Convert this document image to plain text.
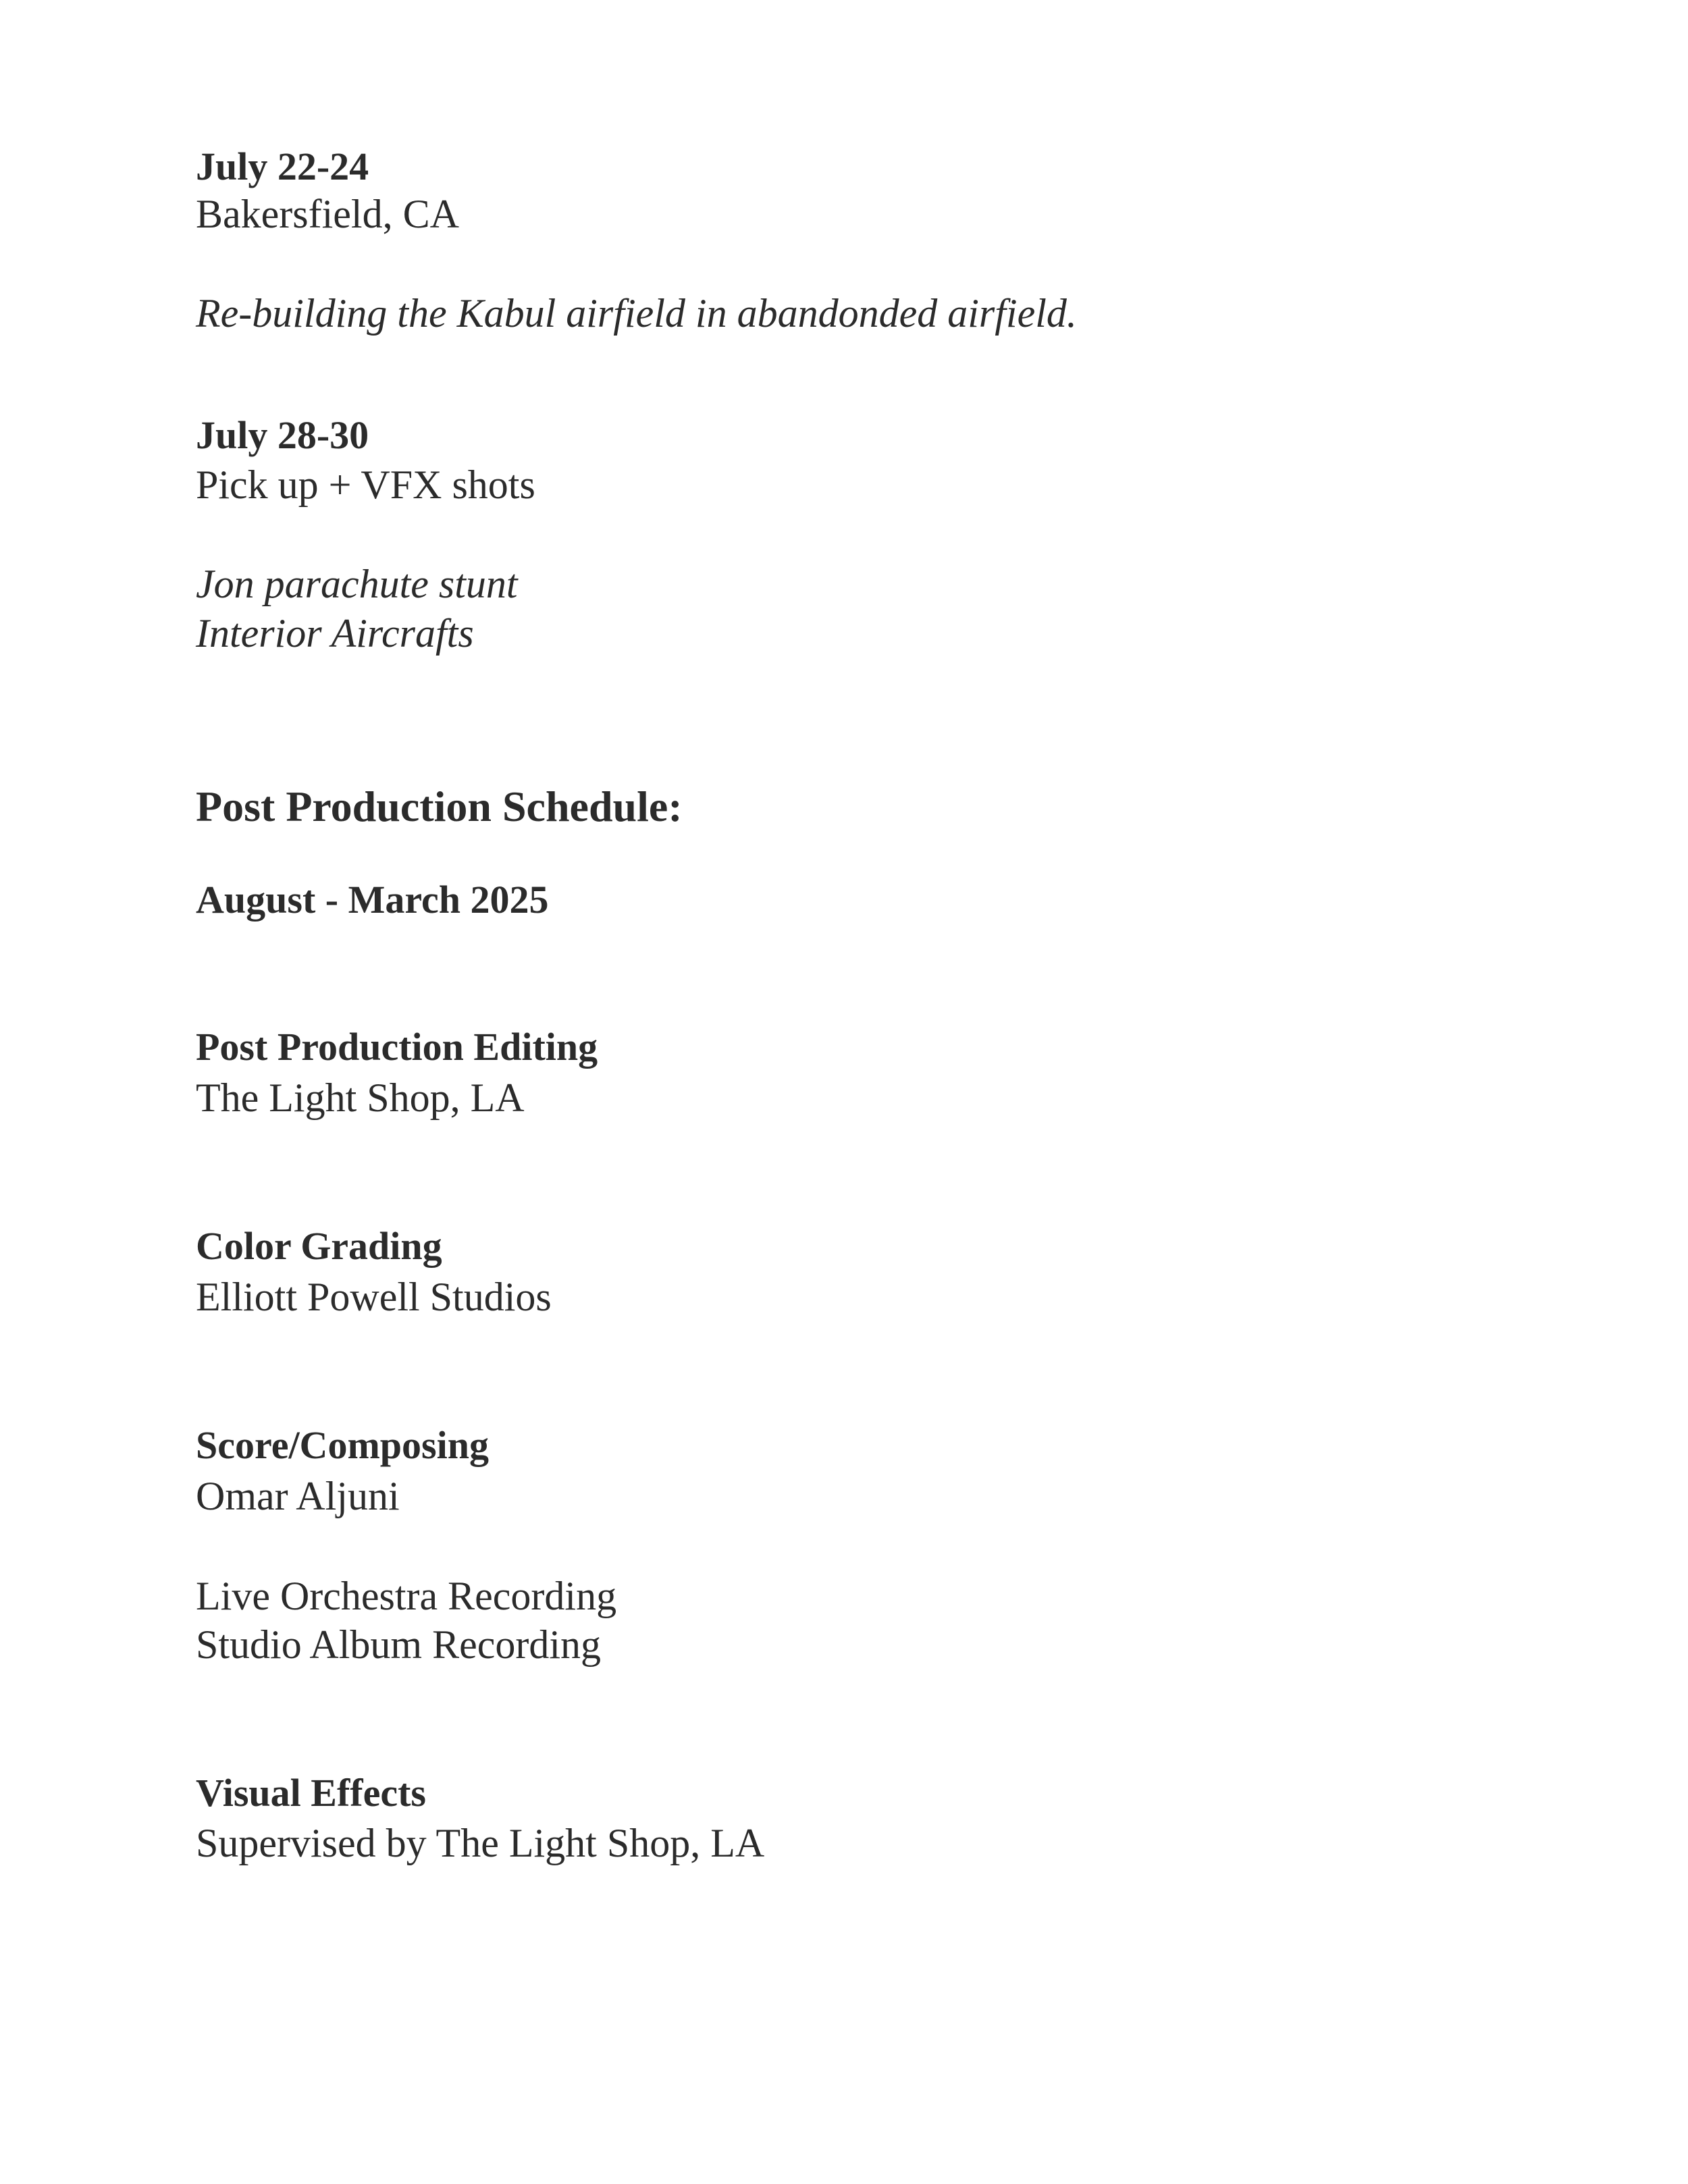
July 22-24
Bakersfield, CA
Re-building the Kabul airfield in abandonded airfield.
July 28-30
Pick up + VFX shots
Jon parachute stunt
Interior Aircrafts
Post Production Schedule:
August - March 2025
Post Production Editing
The Light Shop, LA
Color Grading
Elliott Powell Studios
Score/Composing
Omar Aljuni
Live Orchestra Recording
Studio Album Recording
Visual Effects
Supervised by The Light Shop, LA
